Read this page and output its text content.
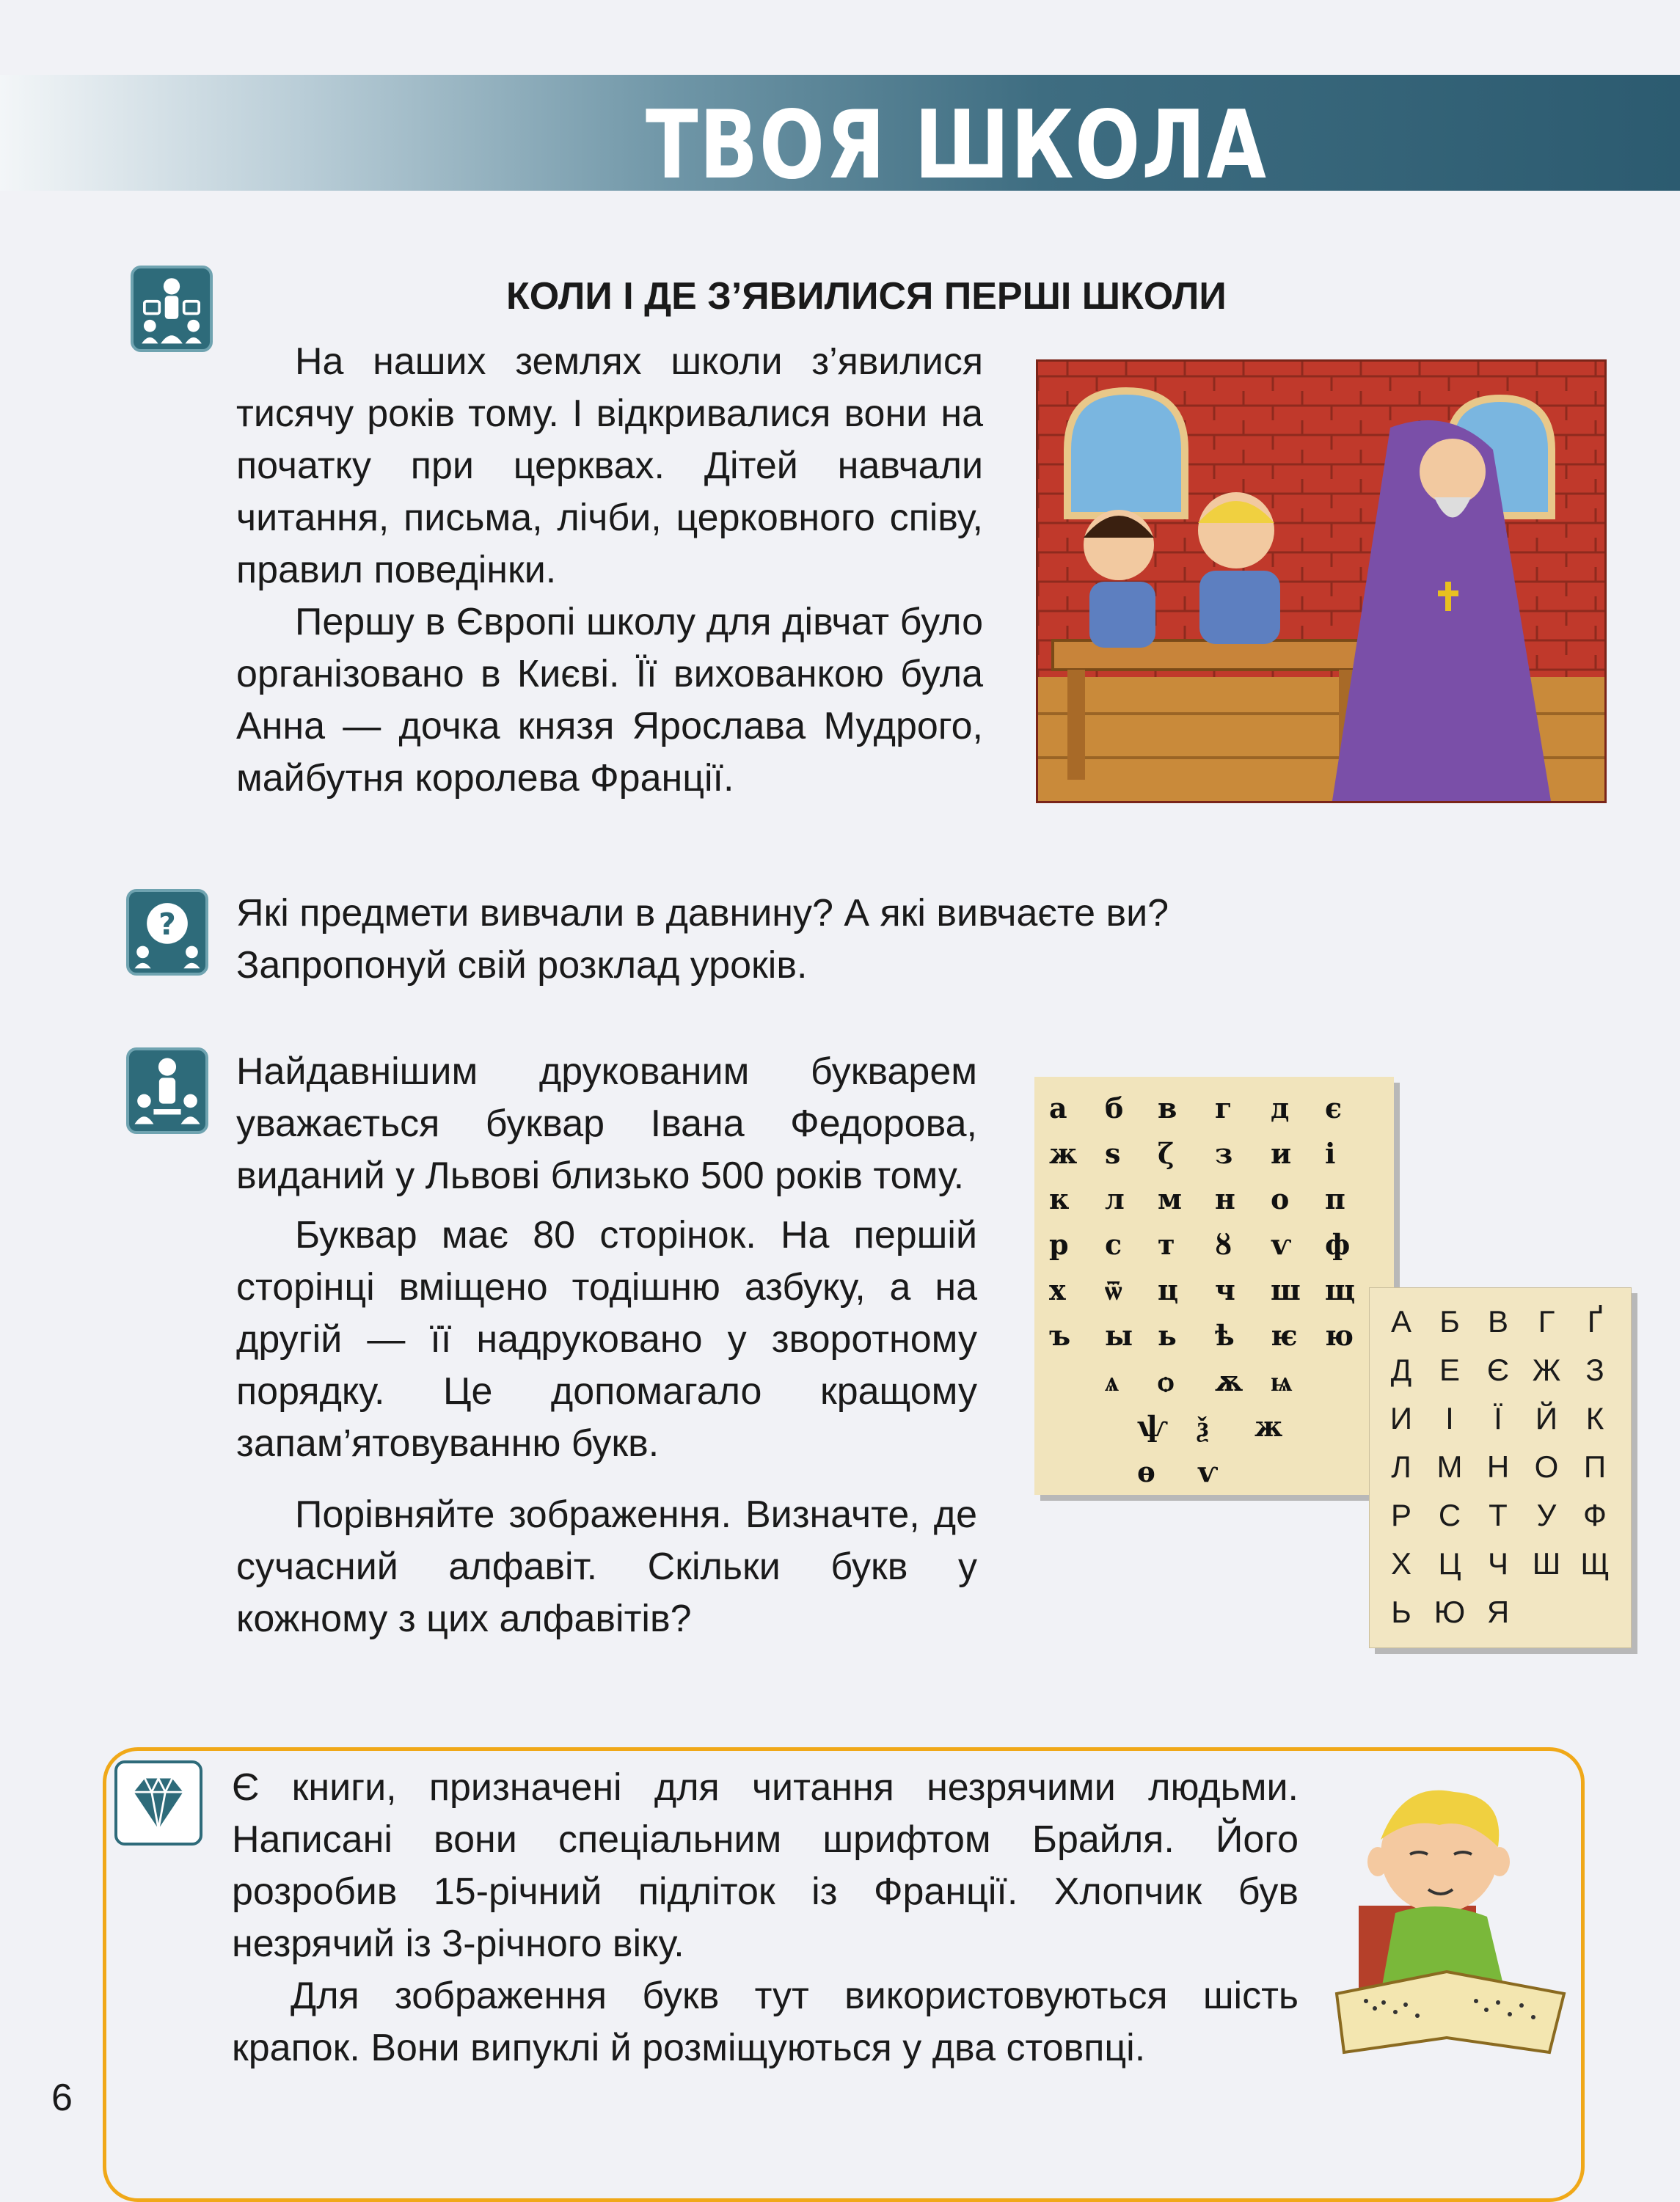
ТВОЯ ШКОЛА
КОЛИ І ДЕ З’ЯВИЛИСЯ ПЕРШІ ШКОЛИ

На наших землях школи з’явилися тисячу років тому. І відкривалися вони на початку при церквах. Дітей навчали читання, письма, лічби, церковного співу, правил поведінки.

Першу в Європі школу для дівчат було організовано в Києві. Її вихованкою була Анна — дочка князя Ярослава Мудрого, майбутня королева Франції.

? Які предмети вивчали в давнину? А які вивчаєте ви?

Запропонуй свій розклад уроків.

Найдавнішим друкованим букварем уважається буквар Івана Федорова, виданий у Львові близько 500 років тому.

Буквар має 80 сторінок. На першій сторінці вміщено тодішню азбуку, а на другій — її надруковано у зворотному порядку. Це допомагало кращому запам’ятовуванню букв.

Порівняйте зображення. Визначте, де сучасний алфавіт. Скільки букв у кожному з цих алфавітів?

а б в г д є
ж ѕ ζ з и і
к л м н о п
р с т ȣ ѵ ф
х ѿ ц ч ш щ
ъ ы ь ѣ ѥ ю
ѧ ѻ ѫ ѩ
ѱ ѯ ж
ѳ ѵ
А Б В Г Ґ
Д Е Є Ж З
И І Ї Й К
Л М Н О П
Р С Т У Ф
Х Ц Ч Ш Щ
Ь Ю Я

Є книги, призначені для читання незрячими людьми. Написані вони спеціальним шрифтом Брайля. Його розробив 15-річний підліток із Франції. Хлопчик був незрячий із 3-річного віку.

Для зображення букв тут використовуються шість крапок. Вони випуклі й розміщуються у два стовпці.

6
